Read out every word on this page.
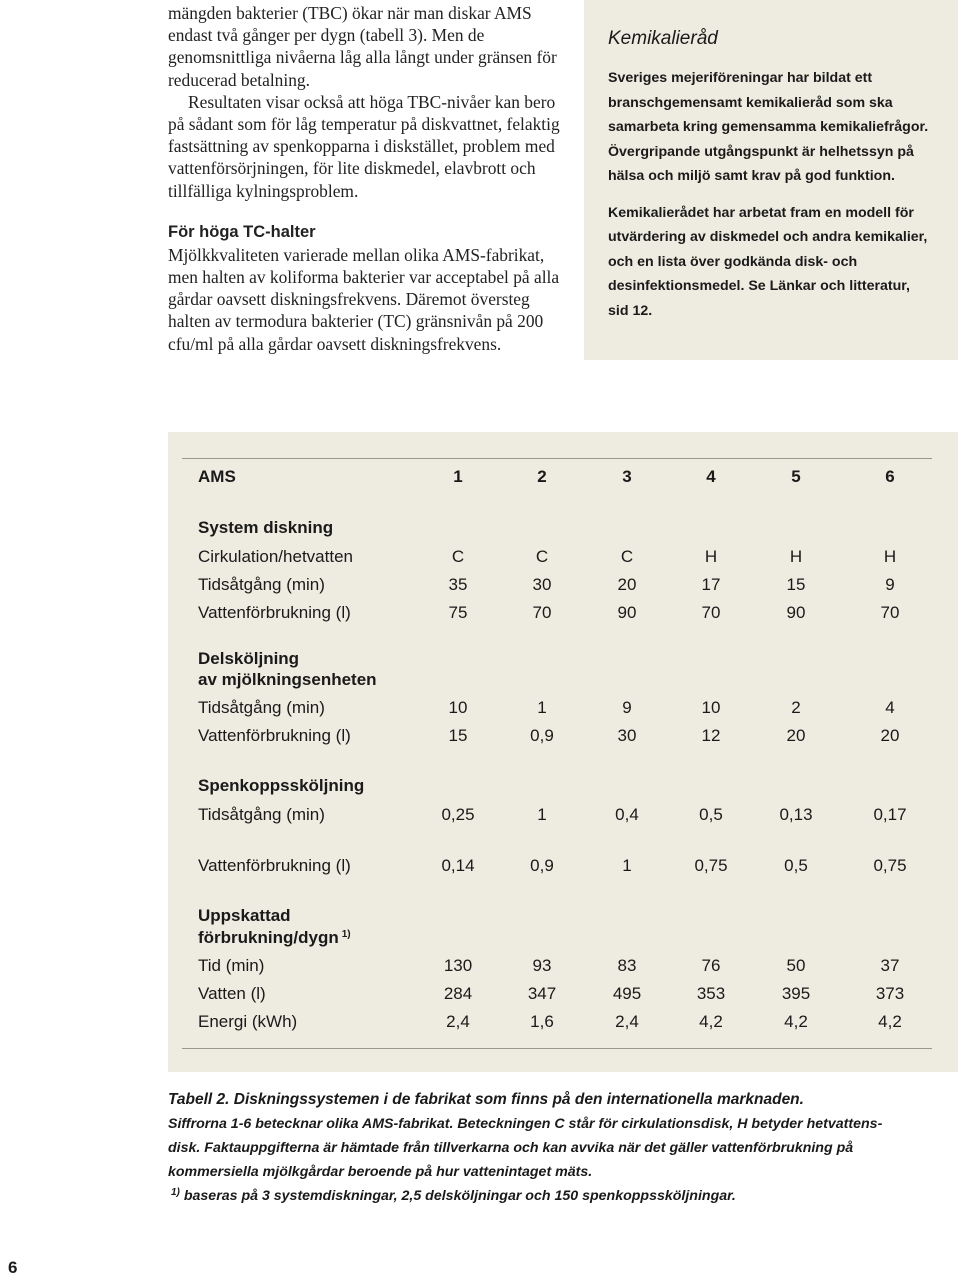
mängden bakterier (TBC) ökar när man diskar AMS endast två gånger per dygn (tabell 3). Men de genomsnittliga nivåerna låg alla långt under gränsen för reducerad betalning.

Resultaten visar också att höga TBC-nivåer kan bero på sådant som för låg temperatur på diskvattnet, felaktig fastsättning av spenkopparna i diskstället, problem med vattenförsörjningen, för lite diskmedel, elavbrott och tillfälliga kylningsproblem.

För höga TC-halter

Mjölkkvaliteten varierade mellan olika AMS-fabrikat, men halten av koliforma bakterier var acceptabel på alla gårdar oavsett diskningsfrekvens. Däremot översteg halten av termodura bakterier (TC) gränsnivån på 200 cfu/ml på alla gårdar oavsett diskningsfrekvens.

Kemikalieråd

Sveriges mejeriföreningar har bildat ett branschgemensamt kemikalieråd som ska samarbeta kring gemensamma kemikaliefrågor. Övergripande utgångspunkt är helhetssyn på hälsa och miljö samt krav på god funktion.

Kemikalierådet har arbetat fram en modell för utvärdering av diskmedel och andra kemikalier, och en lista över godkända disk- och desinfektionsmedel. Se Länkar och litteratur, sid 12.

AMS	1	2	3	4	5	6
System diskning
Cirkulation/hetvatten	C	C	C	H	H	H
Tidsåtgång (min)	35	30	20	17	15	9
Vattenförbrukning (l)	75	70	90	70	90	70
Delsköljning
av mjölkningsenheten
Tidsåtgång (min)	10	1	9	10	2	4
Vattenförbrukning (l)	15	0,9	30	12	20	20
Spenkoppssköljning
Tidsåtgång (min)	0,25	1	0,4	0,5	0,13	0,17
Vattenförbrukning (l)	0,14	0,9	1	0,75	0,5	0,75
Uppskattad
förbrukning/dygn $^{1)}$
Tid (min)	130	93	83	76	50	37
Vatten (l)	284	347	495	353	395	373
Energi (kWh)	2,4	1,6	2,4	4,2	4,2	4,2
Tabell 2. Diskningssystemen i de fabrikat som finns på den internationella marknaden.
Siffrorna 1-6 betecknar olika AMS-fabrikat. Beteckningen C står för cirkulationsdisk, H betyder hetvattens-
disk. Faktauppgifterna är hämtade från tillverkarna och kan avvika när det gäller vattenförbrukning på
kommersiella mjölkgårdar beroende på hur vattenintaget mäts.
$^{1)}$ baseras på 3 systemdiskningar, 2,5 delsköljningar och 150 spenkoppssköljningar.
6
